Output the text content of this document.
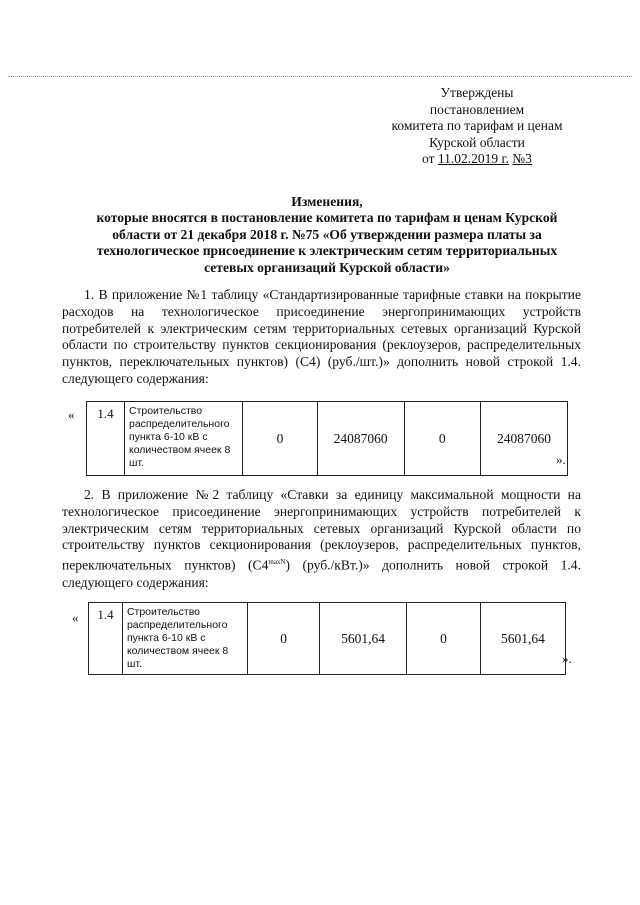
Утверждены
постановлением
комитета по тарифам и ценам
Курской области
от 11.02.2019 г. №3
Изменения,
которые вносятся в постановление комитета по тарифам и ценам Курской
области от 21 декабря 2018 г. №75 «Об утверждении размера платы за
технологическое присоединение к электрическим сетям территориальных
сетевых организаций Курской области»

1. В приложение №1 таблицу «Стандартизированные тарифные ставки на покрытие расходов на технологическое присоединение энергопринимающих устройств потребителей к электрическим сетям территориальных сетевых организаций Курской области по строительству пунктов секционирования (реклоузеров, распределительных пунктов, переключательных пунктов) (С4) (руб./шт.)» дополнить новой строкой 1.4. следующего содержания:

« 1.4	Строительство распределительного пункта 6-10 кВ с количеством ячеек 8 шт.	0	24087060	0	24087060
».

2. В приложение №2 таблицу «Ставки за единицу максимальной мощности на технологическое присоединение энергопринимающих устройств потребителей к электрическим сетям территориальных сетевых организаций Курской области по строительству пунктов секционирования (реклоузеров, распределительных пунктов, переключательных пунктов) $(С4^{maxN})$ (руб./кВт.)» дополнить новой строкой 1.4. следующего содержания:

« 1.4	Строительство распределительного пункта 6-10 кВ с количеством ячеек 8 шт.	0	5601,64	0	5601,64
».
